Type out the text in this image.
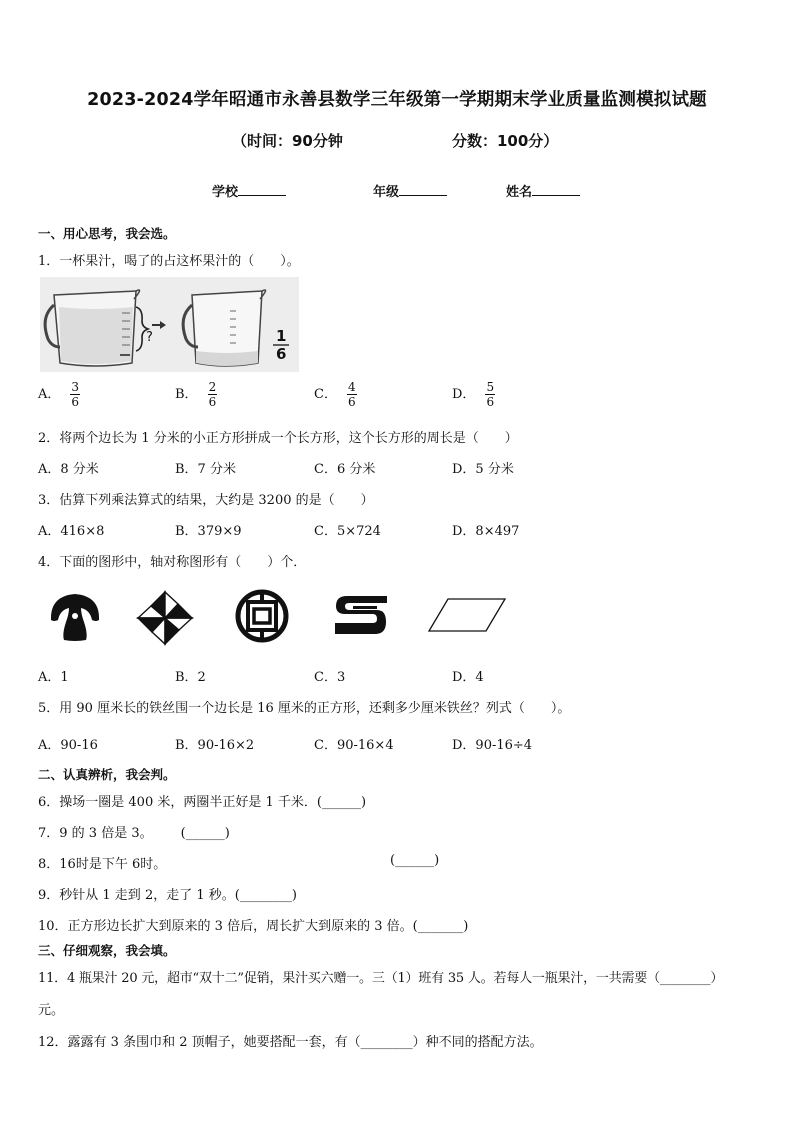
2023-2024学年昭通市永善县数学三年级第一学期期末学业质量监测模拟试题
（时间：90分钟	分数：100分）
学校	年级	姓名
一、用心思考，我会选。
1．一杯果汁，喝了的占这杯果汁的（　　）。
?	1
6
A． $\frac{3}{6}$	B． $\frac{2}{6}$	C． $\frac{4}{6}$	D． $\frac{5}{6}$
2．将两个边长为 1 分米的小正方形拼成一个长方形，这个长方形的周长是（　　）
A．8 分米	B．7 分米	C．6 分米	D．5 分米
3．估算下列乘法算式的结果，大约是 3200 的是（　　）
A．416×8	B．379×9	C．5×724	D．8×497
4．下面的图形中，轴对称图形有（　　）个．
A．1	B．2	C．3	D．4
5．用 90 厘米长的铁丝围一个边长是 16 厘米的正方形，还剩多少厘米铁丝？列式（　　）。
A．90-16	B．90-16×2	C．90-16×4	D．90-16÷4
二、认真辨析，我会判。
6．操场一圈是 400 米，两圈半正好是 1 千米．(______)
7．9 的 3 倍是 3。 (______)
8．16时是下午 6时。	(______)
9．秒针从 1 走到 2，走了 1 秒。(________)
10．正方形边长扩大到原来的 3 倍后，周长扩大到原来的 3 倍。(_______)
三、仔细观察，我会填。
11．4 瓶果汁 20 元，超市“双十二”促销，果汁买六赠一。三（1）班有 35 人。若每人一瓶果汁，一共需要（________）
元。
12．露露有 3 条围巾和 2 顶帽子，她要搭配一套，有（________）种不同的搭配方法。
